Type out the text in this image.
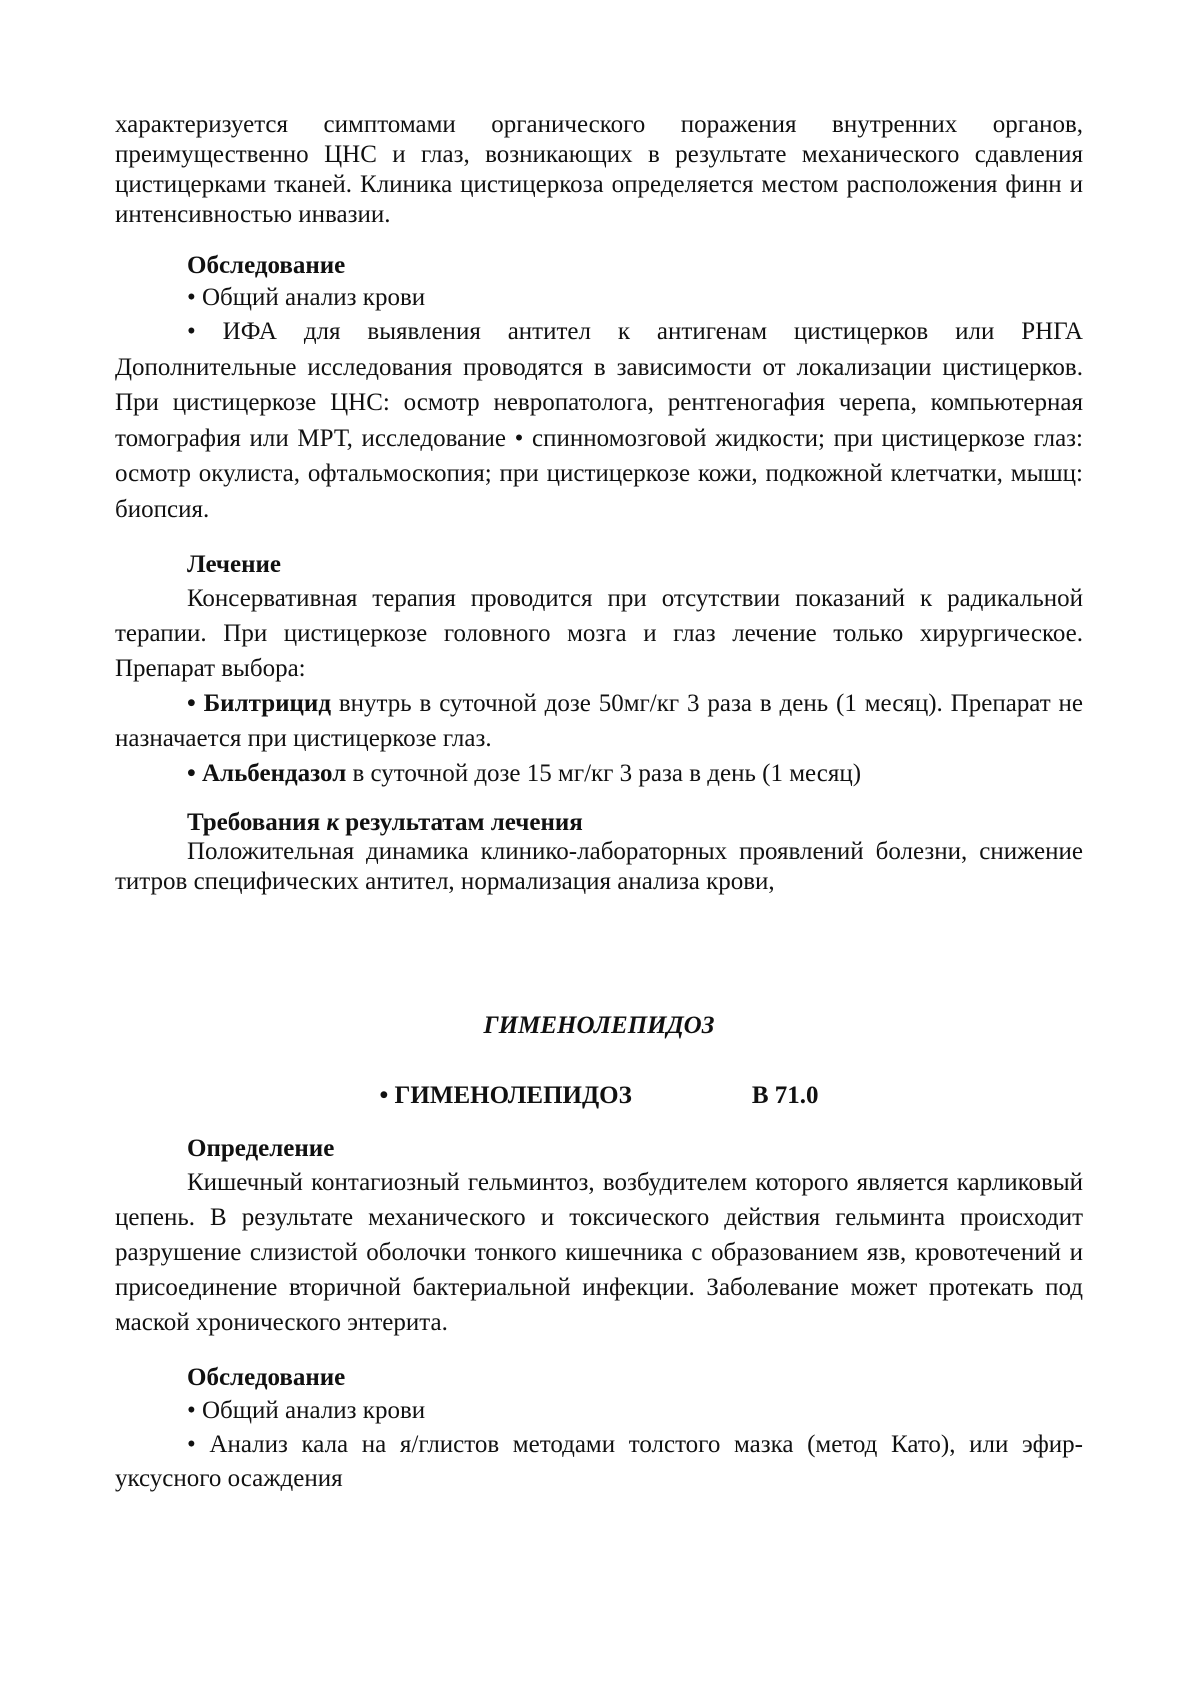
характеризуется симптомами органического поражения внутренних органов, преимущественно ЦНС и глаз, возникающих в результате механического сдавления цистицерками тканей. Клиника цистицеркоза определяется местом расположения финн и интенсивностью инвазии.

Обследование

• Общий анализ крови

• ИФА для выявления антител к антигенам цистицерков или РНГА Дополнительные исследования проводятся в зависимости от локализации цистицерков. При цистицеркозе ЦНС: осмотр невропатолога, рентгеногафия черепа, компьютерная томография или МРТ, исследование • спинномозговой жидкости; при цистицеркозе глаз: осмотр окулиста, офтальмоскопия; при цистицеркозе кожи, подкожной клетчатки, мышц: биопсия.

Лечение

Консервативная терапия проводится при отсутствии показаний к радикальной терапии. При цистицеркозе головного мозга и глаз лечение только хирургическое. Препарат выбора:

• Билтрицид внутрь в суточной дозе 50мг/кг 3 раза в день (1 месяц). Препарат не назначается при цистицеркозе глаз.

• Альбендазол в суточной дозе 15 мг/кг 3 раза в день (1 месяц)

Требования к результатам лечения

Положительная динамика клинико-лабораторных проявлений болезни, снижение титров специфических антител, нормализация анализа крови,

ГИМЕНОЛЕПИДОЗ

• ГИМЕНОЛЕПИДОЗ	В 71.0

Определение

Кишечный контагиозный гельминтоз, возбудителем которого является карликовый цепень. В результате механического и токсического действия гельминта происходит разрушение слизистой оболочки тонкого кишечника с образованием язв, кровотечений и присоединение вторичной бактериальной инфекции. Заболевание может протекать под маской хронического энтерита.

Обследование

• Общий анализ крови

• Анализ кала на я/глистов методами толстого мазка (метод Като), или эфир-уксусного осаждения
